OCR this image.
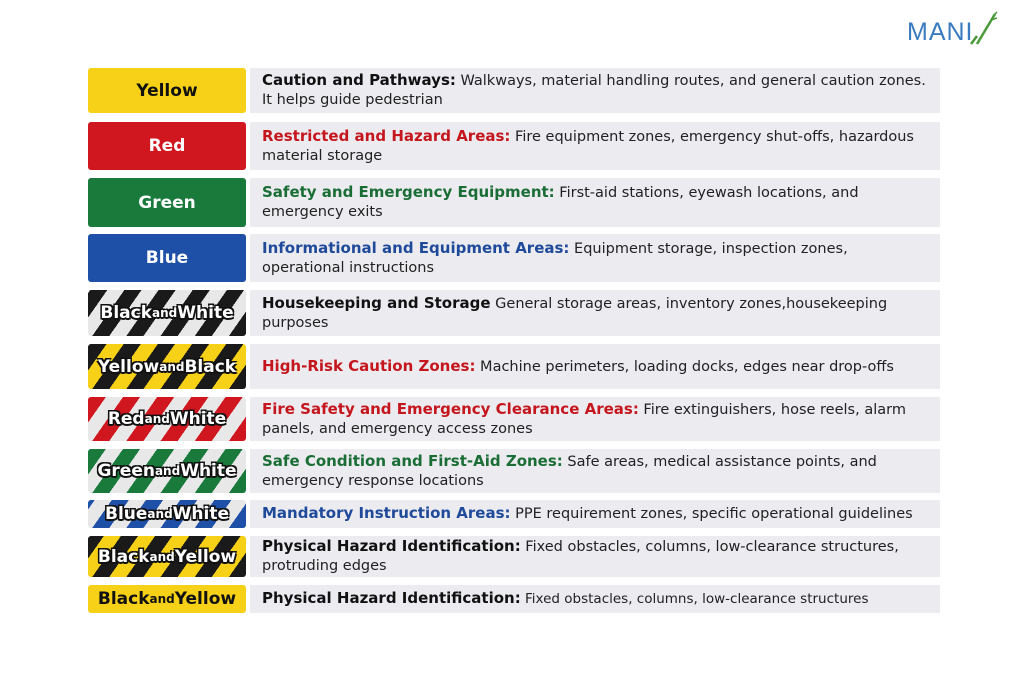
MANI
Yellow
Caution and Pathways: Walkways, material handling routes, and general caution zones. It helps guide pedestrian
Red
Restricted and Hazard Areas: Fire equipment zones, emergency shut-offs, hazardous material storage
Green
Safety and Emergency Equipment: First-aid stations, eyewash locations, and emergency exits
Blue
Informational and Equipment Areas: Equipment storage, inspection zones, operational instructions
Black and White
Housekeeping and Storage General storage areas, inventory zones,housekeeping purposes
Yellow and Black High-Risk Caution Zones: Machine perimeters, loading docks, edges near drop-offs
Red and White
Fire Safety and Emergency Clearance Areas: Fire extinguishers, hose reels, alarm panels, and emergency access zones
Green and White
Safe Condition and First-Aid Zones: Safe areas, medical assistance points, and emergency response locations
Blue and White Mandatory Instruction Areas: PPE requirement zones, specific operational guidelines
Black and Yellow
Physical Hazard Identification: Fixed obstacles, columns, low-clearance structures, protruding edges
Black and Yellow Physical Hazard Identification: Fixed obstacles, columns, low-clearance structures
